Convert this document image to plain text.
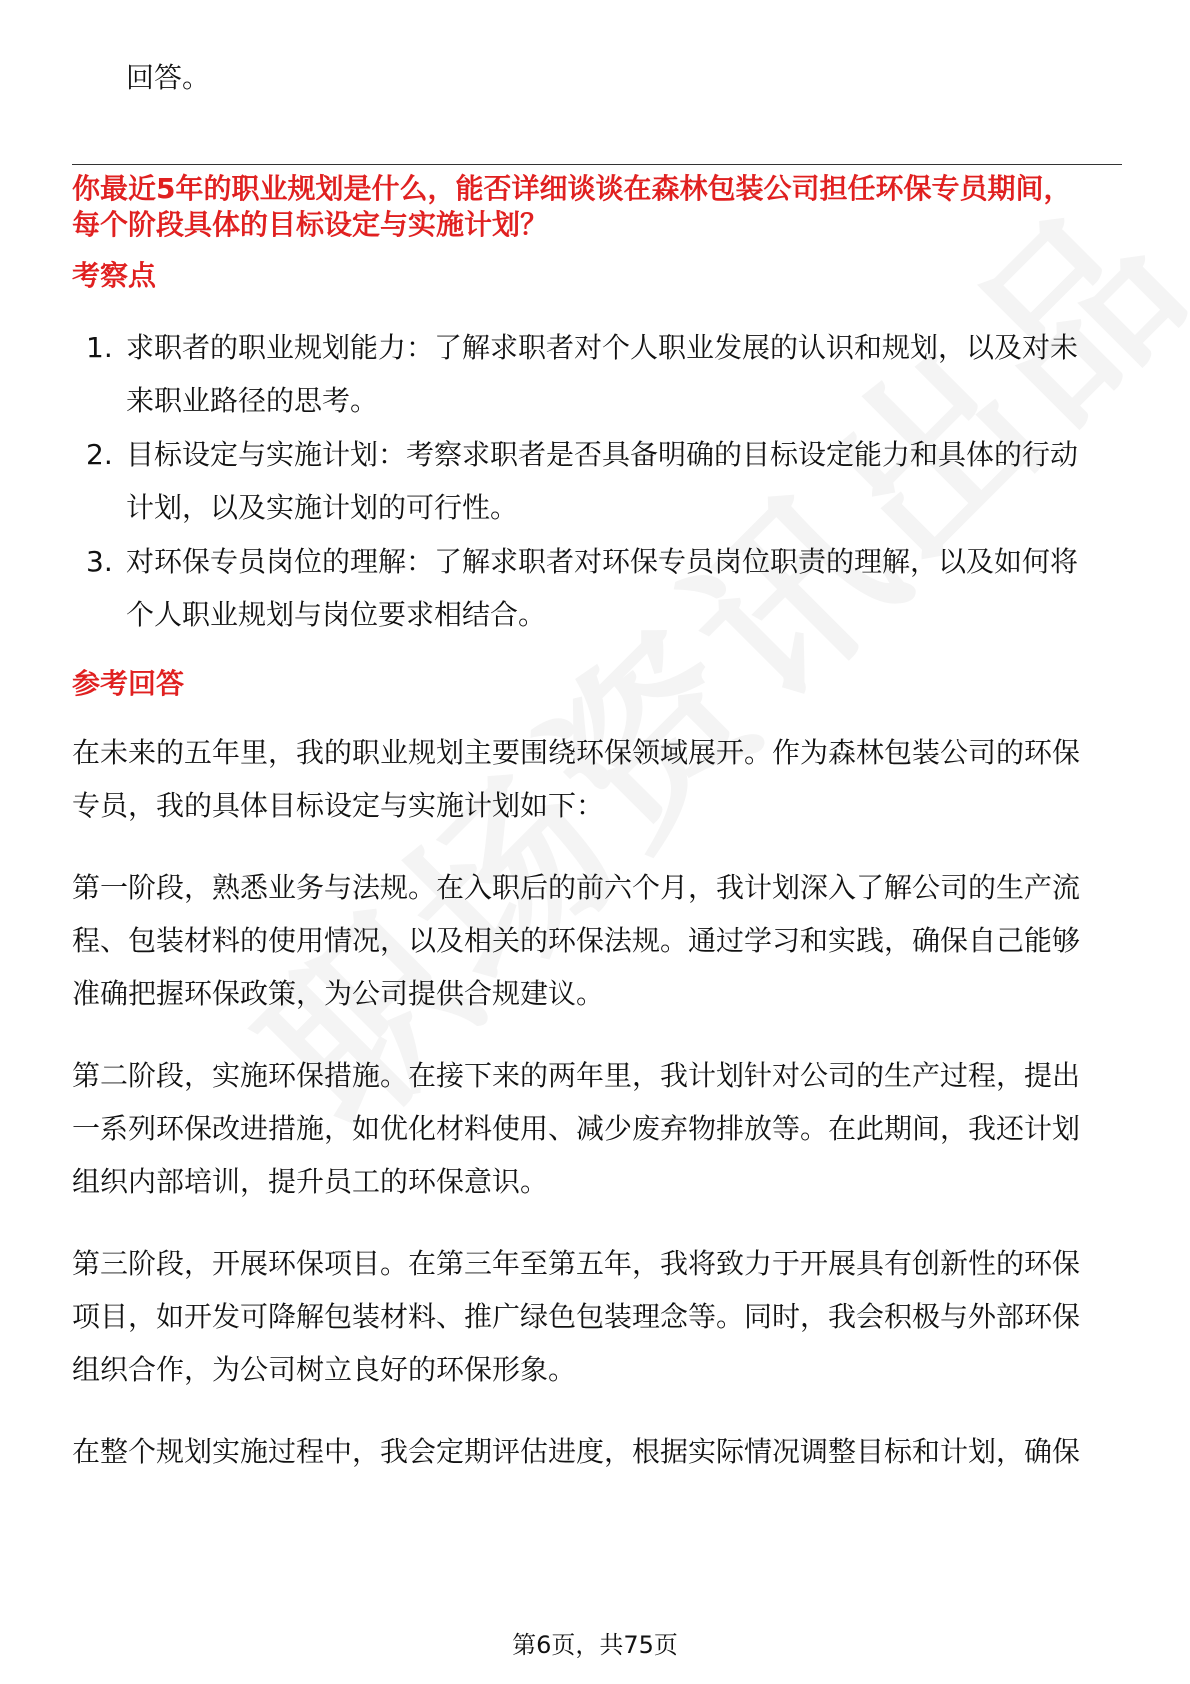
回答。
你最近5年的职业规划是什么，能否详细谈谈在森林包装公司担任环保专员期间，
每个阶段具体的目标设定与实施计划？
考察点
1. 求职者的职业规划能力：了解求职者对个人职业发展的认识和规划，以及对未
来职业路径的思考。
2. 目标设定与实施计划：考察求职者是否具备明确的目标设定能力和具体的行动
计划，以及实施计划的可行性。
3. 对环保专员岗位的理解：了解求职者对环保专员岗位职责的理解，以及如何将
个人职业规划与岗位要求相结合。
参考回答
在未来的五年里，我的职业规划主要围绕环保领域展开。作为森林包装公司的环保
专员，我的具体目标设定与实施计划如下：
第一阶段，熟悉业务与法规。在入职后的前六个月，我计划深入了解公司的生产流
程、包装材料的使用情况，以及相关的环保法规。通过学习和实践，确保自己能够
准确把握环保政策，为公司提供合规建议。
第二阶段，实施环保措施。在接下来的两年里，我计划针对公司的生产过程，提出
一系列环保改进措施，如优化材料使用、减少废弃物排放等。在此期间，我还计划
组织内部培训，提升员工的环保意识。
第三阶段，开展环保项目。在第三年至第五年，我将致力于开展具有创新性的环保
项目，如开发可降解包装材料、推广绿色包装理念等。同时，我会积极与外部环保
组织合作，为公司树立良好的环保形象。
在整个规划实施过程中，我会定期评估进度，根据实际情况调整目标和计划，确保
第6页，共75页
